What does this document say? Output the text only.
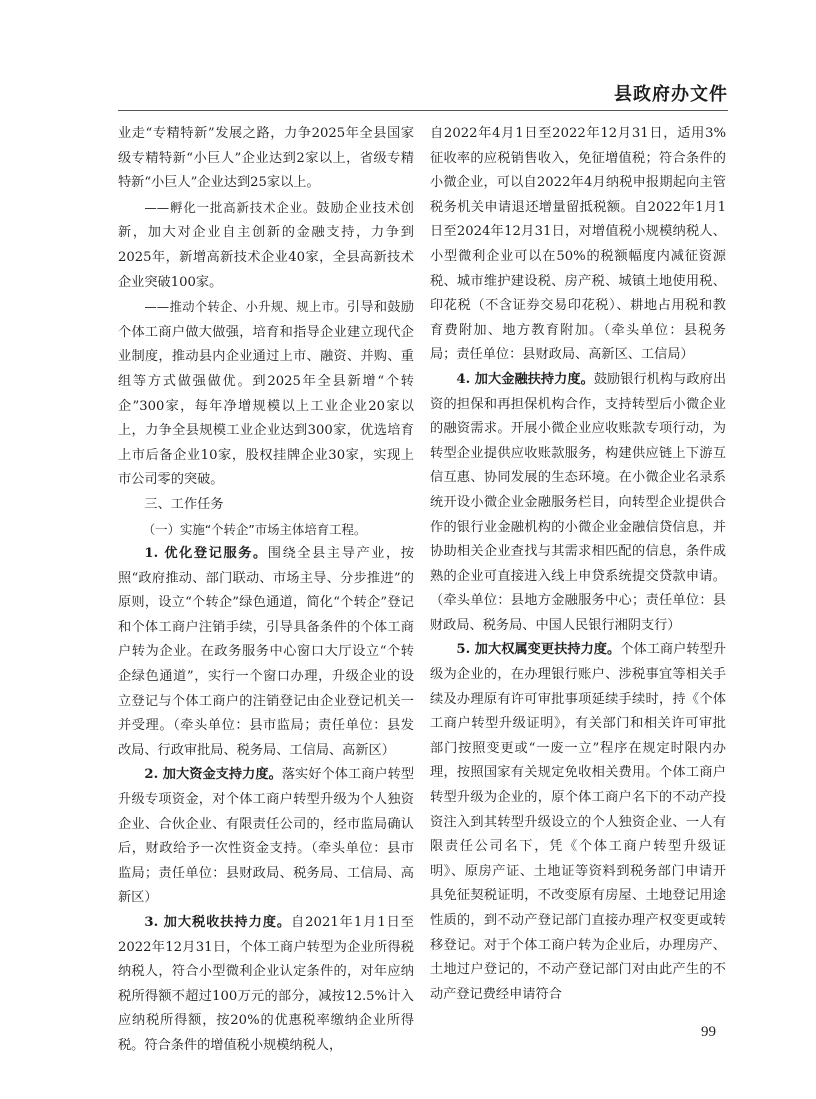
县政府办文件

业走“专精特新”发展之路，力争2025年全县国家级专精特新“小巨人”企业达到2家以上，省级专精特新“小巨人”企业达到25家以上。

——孵化一批高新技术企业。鼓励企业技术创新，加大对企业自主创新的金融支持，力争到2025年，新增高新技术企业40家，全县高新技术企业突破100家。

——推动个转企、小升规、规上市。引导和鼓励个体工商户做大做强，培育和指导企业建立现代企业制度，推动县内企业通过上市、融资、并购、重组等方式做强做优。到2025年全县新增“个转企”300家，每年净增规模以上工业企业20家以上，力争全县规模工业企业达到300家，优选培育上市后备企业10家，股权挂牌企业30家，实现上市公司零的突破。

三、工作任务

（一）实施“个转企”市场主体培育工程。

1. 优化登记服务。围绕全县主导产业，按照“政府推动、部门联动、市场主导、分步推进”的原则，设立“个转企”绿色通道，简化“个转企”登记和个体工商户注销手续，引导具备条件的个体工商户转为企业。在政务服务中心窗口大厅设立“个转企绿色通道”，实行一个窗口办理，升级企业的设立登记与个体工商户的注销登记由企业登记机关一并受理。（牵头单位：县市监局；责任单位：县发改局、行政审批局、税务局、工信局、高新区）

2. 加大资金支持力度。落实好个体工商户转型升级专项资金，对个体工商户转型升级为个人独资企业、合伙企业、有限责任公司的，经市监局确认后，财政给予一次性资金支持。（牵头单位：县市监局；责任单位：县财政局、税务局、工信局、高新区）

3. 加大税收扶持力度。自2021年1月1日至2022年12月31日，个体工商户转型为企业所得税纳税人，符合小型微利企业认定条件的，对年应纳税所得额不超过100万元的部分，减按12.5%计入应纳税所得额，按20%的优惠税率缴纳企业所得税。符合条件的增值税小规模纳税人，

自2022年4月1日至2022年12月31日，适用3%征收率的应税销售收入，免征增值税；符合条件的小微企业，可以自2022年4月纳税申报期起向主管税务机关申请退还增量留抵税额。自2022年1月1日至2024年12月31日，对增值税小规模纳税人、小型微利企业可以在50%的税额幅度内减征资源税、城市维护建设税、房产税、城镇土地使用税、印花税（不含证券交易印花税）、耕地占用税和教育费附加、地方教育附加。（牵头单位：县税务局；责任单位：县财政局、高新区、工信局）

4. 加大金融扶持力度。鼓励银行机构与政府出资的担保和再担保机构合作，支持转型后小微企业的融资需求。开展小微企业应收账款专项行动，为转型企业提供应收账款服务，构建供应链上下游互信互惠、协同发展的生态环境。在小微企业名录系统开设小微企业金融服务栏目，向转型企业提供合作的银行业金融机构的小微企业金融信贷信息，并协助相关企业查找与其需求相匹配的信息，条件成熟的企业可直接进入线上申贷系统提交贷款申请。（牵头单位：县地方金融服务中心；责任单位：县财政局、税务局、中国人民银行湘阴支行）

5. 加大权属变更扶持力度。个体工商户转型升级为企业的，在办理银行账户、涉税事宜等相关手续及办理原有许可审批事项延续手续时，持《个体工商户转型升级证明》，有关部门和相关许可审批部门按照变更或“一废一立”程序在规定时限内办理，按照国家有关规定免收相关费用。个体工商户转型升级为企业的，原个体工商户名下的不动产投资注入到其转型升级设立的个人独资企业、一人有限责任公司名下，凭《个体工商户转型升级证明》、原房产证、土地证等资料到税务部门申请开具免征契税证明，不改变原有房屋、土地登记用途性质的，到不动产登记部门直接办理产权变更或转移登记。对于个体工商户转为企业后，办理房产、土地过户登记的，不动产登记部门对由此产生的不动产登记费经申请符合

99
